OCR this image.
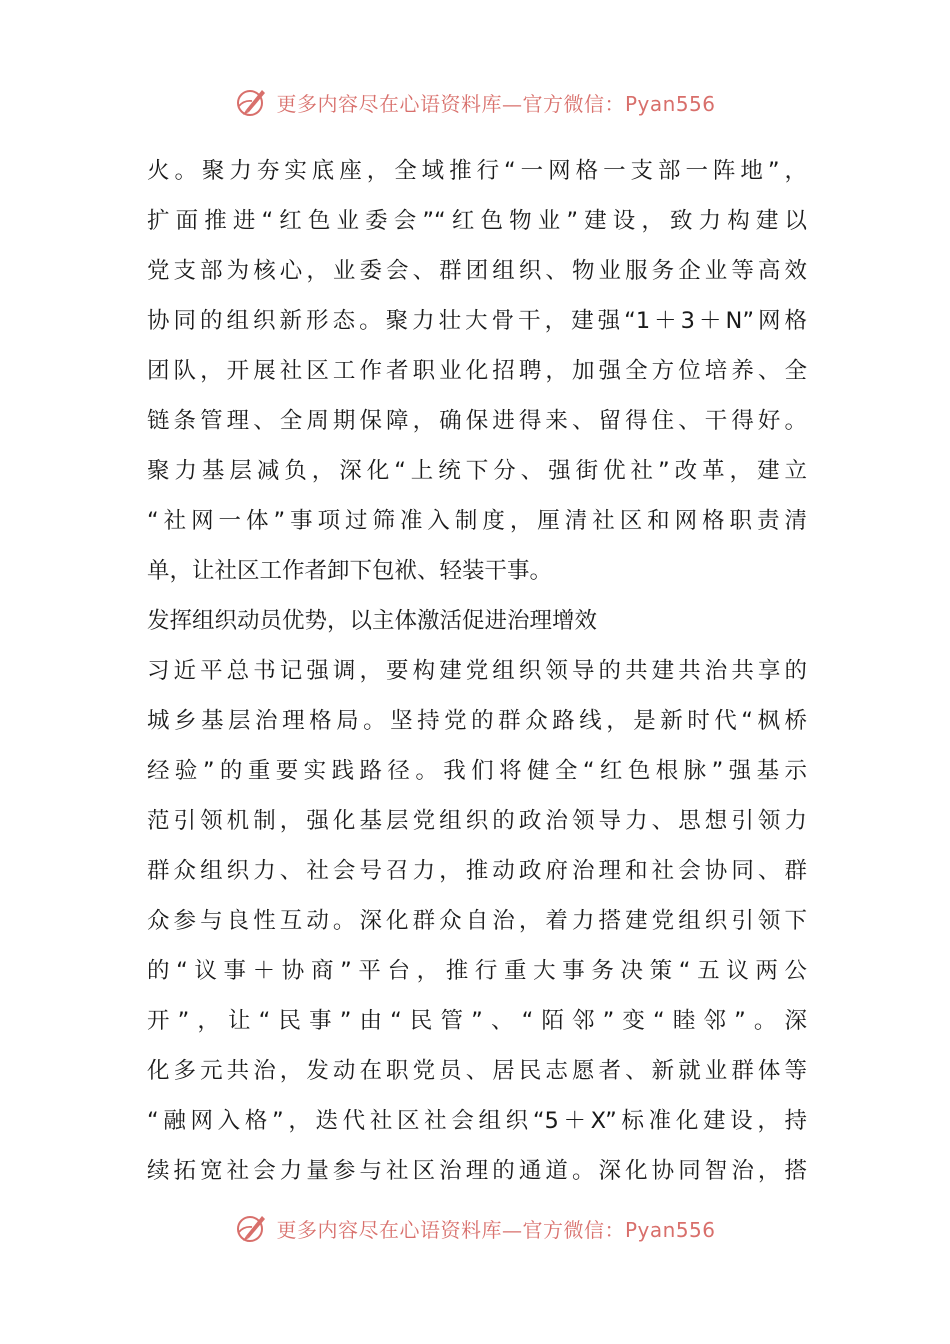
更多内容尽在心语资料库—官方微信：Pyan556
火。聚力夯实底座，全域推行“一网格一支部一阵地”，
扩面推进“红色业委会”“红色物业”建设，致力构建以
党支部为核心，业委会、群团组织、物业服务企业等高效
协同的组织新形态。聚力壮大骨干，建强“1＋3＋N”网格
团队，开展社区工作者职业化招聘，加强全方位培养、全
链条管理、全周期保障，确保进得来、留得住、干得好。
聚力基层减负，深化“上统下分、强街优社”改革，建立
“社网一体”事项过筛准入制度，厘清社区和网格职责清
单，让社区工作者卸下包袱、轻装干事。
发挥组织动员优势，以主体激活促进治理增效
习近平总书记强调，要构建党组织领导的共建共治共享的
城乡基层治理格局。坚持党的群众路线，是新时代“枫桥
经验”的重要实践路径。我们将健全“红色根脉”强基示
范引领机制，强化基层党组织的政治领导力、思想引领力
群众组织力、社会号召力，推动政府治理和社会协同、群
众参与良性互动。深化群众自治，着力搭建党组织引领下
的“议事＋协商”平台，推行重大事务决策“五议两公
开”，让“民事”由“民管”、“陌邻”变“睦邻”。深
化多元共治，发动在职党员、居民志愿者、新就业群体等
“融网入格”，迭代社区社会组织“5＋X”标准化建设，持
续拓宽社会力量参与社区治理的通道。深化协同智治，搭
更多内容尽在心语资料库—官方微信：Pyan556
